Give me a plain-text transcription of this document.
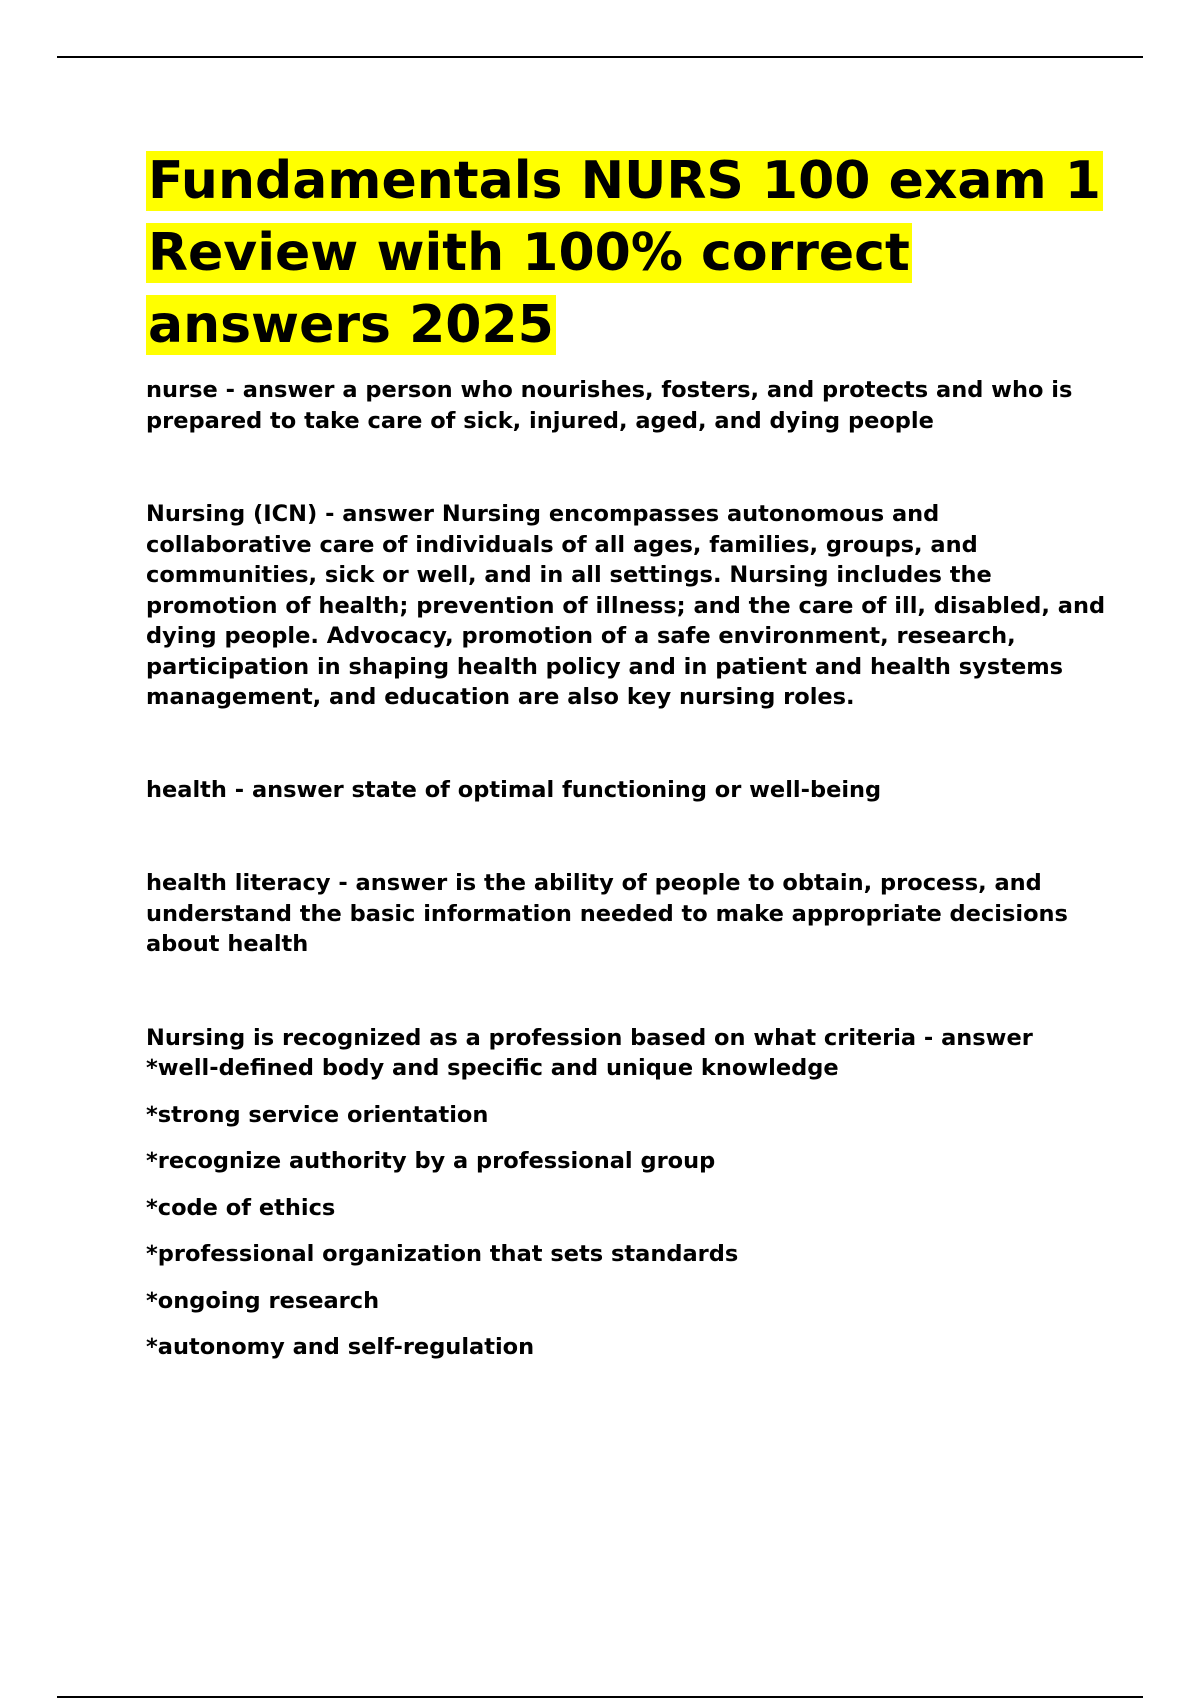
Fundamentals NURS 100 exam 1 Review with 100% correct answers 2025

nurse - answer a person who nourishes, fosters, and protects and who is prepared to take care of sick, injured, aged, and dying people

Nursing (ICN) - answer Nursing encompasses autonomous and collaborative care of individuals of all ages, families, groups, and communities, sick or well, and in all settings. Nursing includes the promotion of health; prevention of illness; and the care of ill, disabled, and dying people. Advocacy, promotion of a safe environment, research, participation in shaping health policy and in patient and health systems management, and education are also key nursing roles.

health - answer state of optimal functioning or well-being

health literacy - answer is the ability of people to obtain, process, and understand the basic information needed to make appropriate decisions about health

Nursing is recognized as a profession based on what criteria - answer *well-defined body and specific and unique knowledge

*strong service orientation
*recognize authority by a professional group
*code of ethics
*professional organization that sets standards
*ongoing research
*autonomy and self-regulation
